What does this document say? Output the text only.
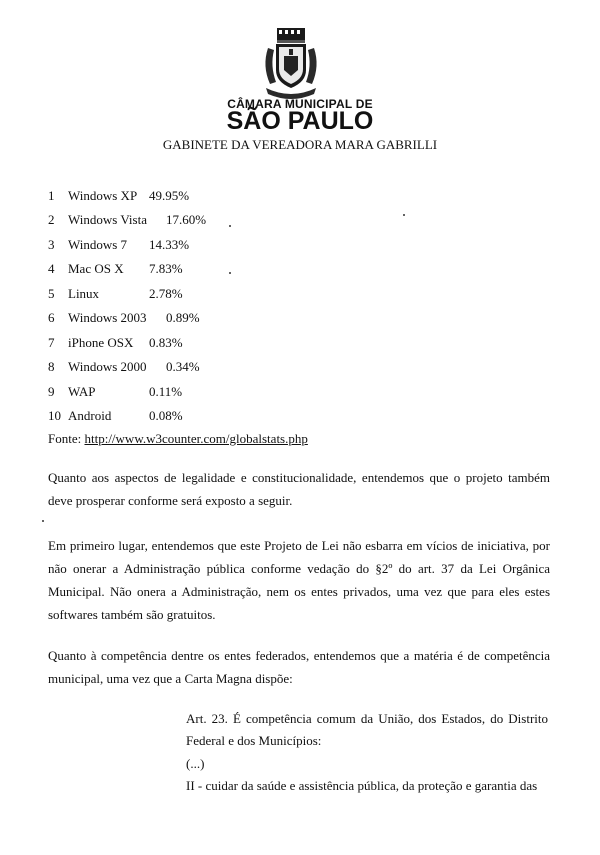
CÂMARA MUNICIPAL DE
SÃO PAULO
GABINETE DA VEREADORA MARA GABRILLI
1	Windows XP 49.95%
2	Windows Vista 17.60%
3	Windows 7 14.33%
4	Mac OS X 7.83%
5	Linux	2.78%
6	Windows 2003 0.89%
7	iPhone OSX 0.83%
8	Windows 2000 0.34%
9	WAP	0.11%
10 Android	0.08%
Fonte: http://www.w3counter.com/globalstats.php

Quanto aos aspectos de legalidade e constitucionalidade, entendemos que o projeto também deve prosperar conforme será exposto a seguir.

Em primeiro lugar, entendemos que este Projeto de Lei não esbarra em vícios de iniciativa, por não onerar a Administração pública conforme vedação do §2º do art. 37 da Lei Orgânica Municipal. Não onera a Administração, nem os entes privados, uma vez que para eles estes softwares também são gratuitos.

Quanto à competência dentre os entes federados, entendemos que a matéria é de competência municipal, uma vez que a Carta Magna dispõe:

Art. 23. É competência comum da União, dos Estados, do Distrito Federal e dos Municípios:

(...)
II - cuidar da saúde e assistência pública, da proteção e garantia das
